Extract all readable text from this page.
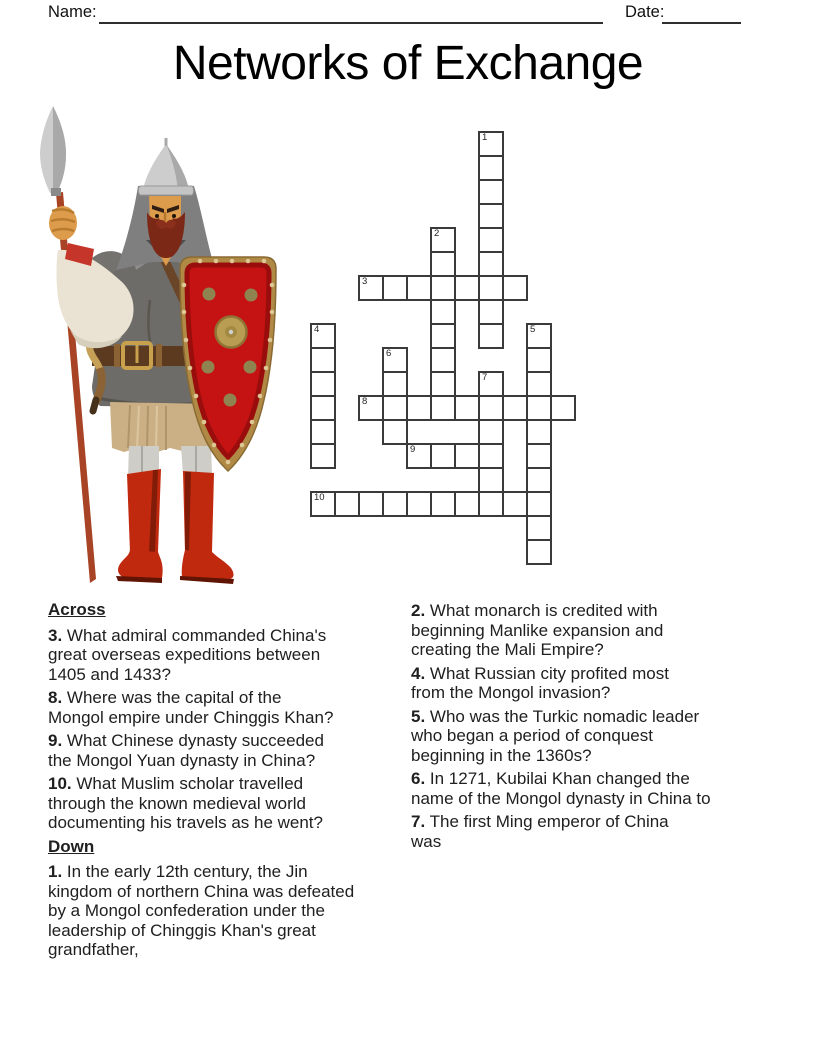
Name:	Date:
Networks of Exchange
1
2
3
4	5
6
7
8
9
10
Across
3. What admiral commanded China's
great overseas expeditions between
1405 and 1433?
8. Where was the capital of the
Mongol empire under Chinggis Khan?
9. What Chinese dynasty succeeded
the Mongol Yuan dynasty in China?
10. What Muslim scholar travelled
through the known medieval world
documenting his travels as he went?
Down
1. In the early 12th century, the Jin
kingdom of northern China was defeated
by a Mongol confederation under the
leadership of Chinggis Khan's great
grandfather,
2. What monarch is credited with
beginning Manlike expansion and
creating the Mali Empire?
4. What Russian city profited most
from the Mongol invasion?
5. Who was the Turkic nomadic leader
who began a period of conquest
beginning in the 1360s?
6. In 1271, Kubilai Khan changed the
name of the Mongol dynasty in China to
7. The first Ming emperor of China
was
